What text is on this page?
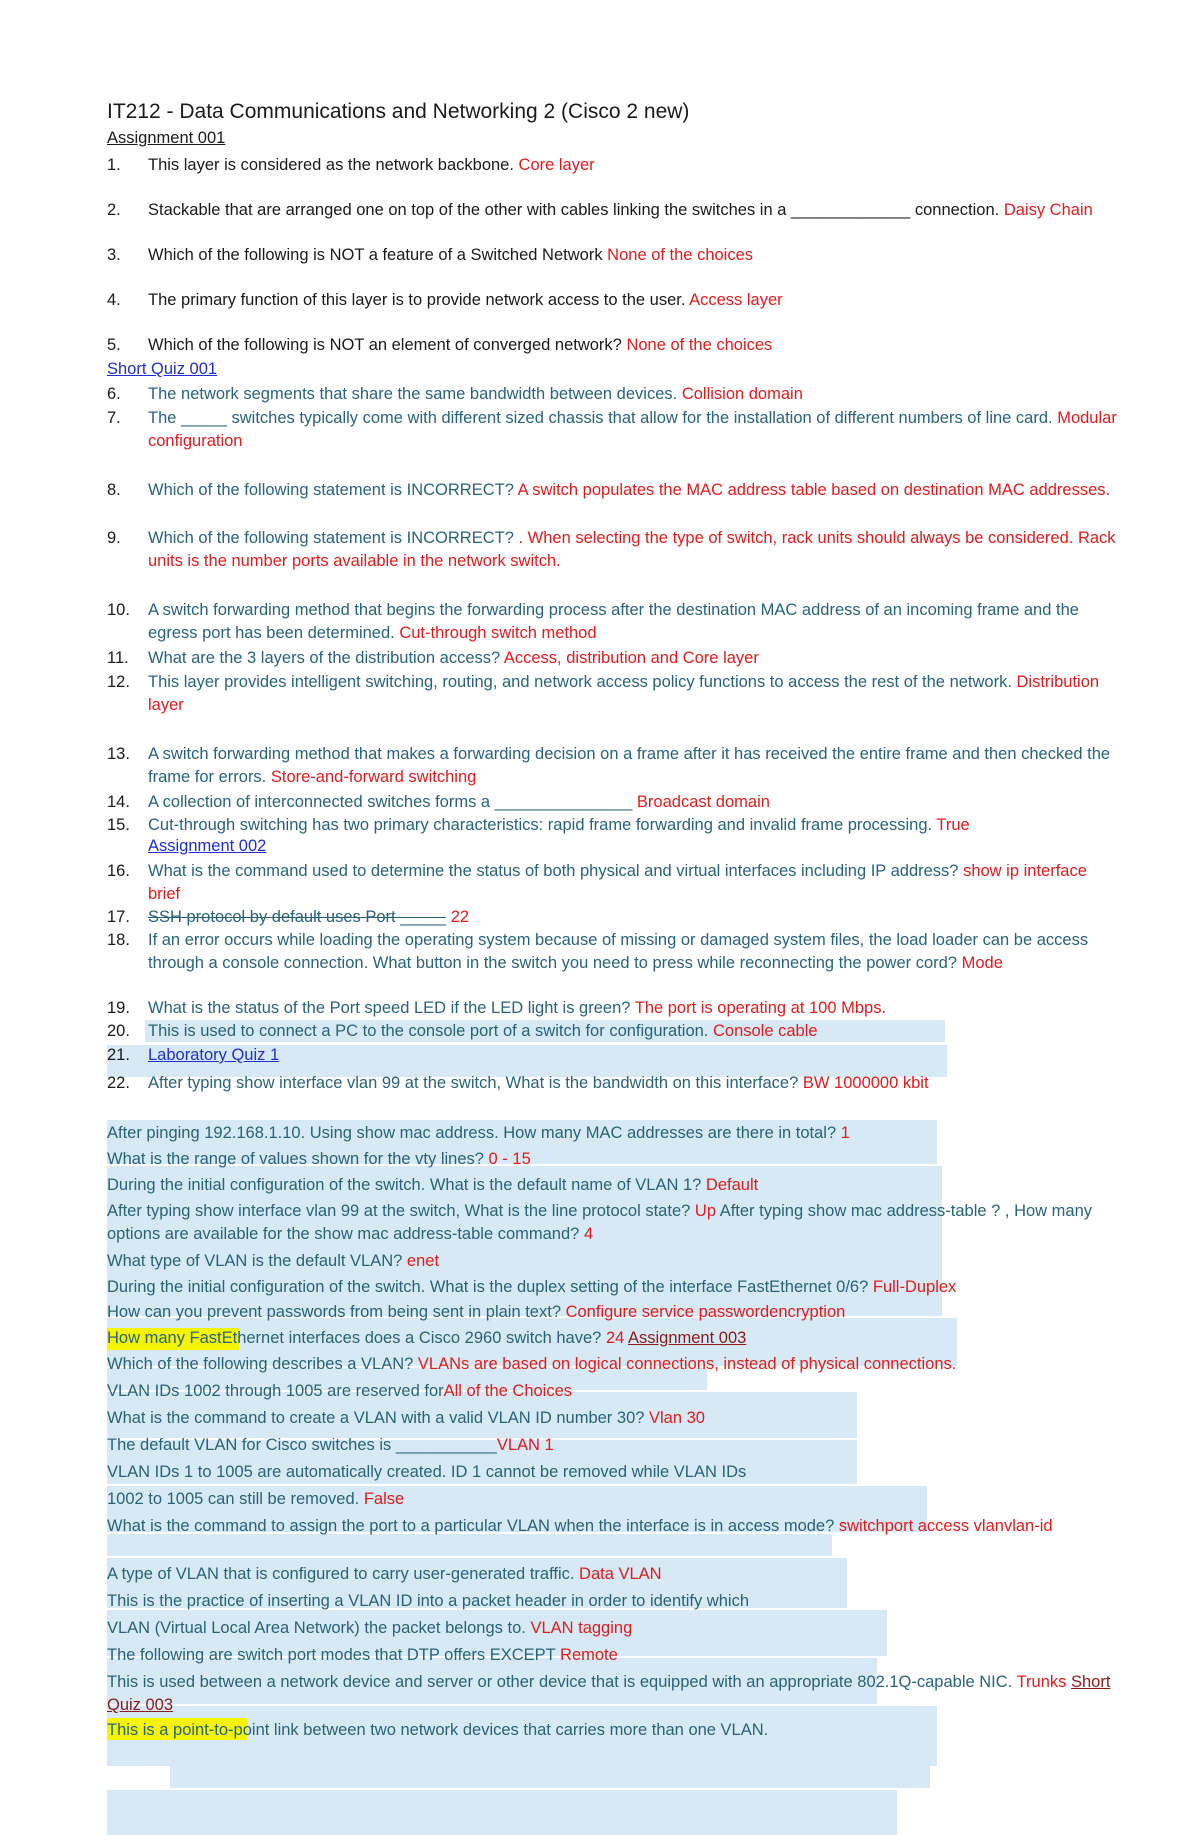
IT212 - Data Communications and Networking 2 (Cisco 2 new)
Assignment 001
1.	This layer is considered as the network backbone. Core layer
2.	Stackable that are arranged one on top of the other with cables linking the switches in a _____________ connection. Daisy Chain
3.	Which of the following is NOT a feature of a Switched Network None of the choices
4.	The primary function of this layer is to provide network access to the user. Access layer
5.	Which of the following is NOT an element of converged network? None of the choices
Short Quiz 001
6.	The network segments that share the same bandwidth between devices. Collision domain
7.	The _____ switches typically come with different sized chassis that allow for the installation of different numbers of line card. Modular configuration
8.	Which of the following statement is INCORRECT? A switch populates the MAC address table based on destination MAC addresses.
9.	Which of the following statement is INCORRECT? . When selecting the type of switch, rack units should always be considered. Rack units is the number ports available in the network switch.
10.	A switch forwarding method that begins the forwarding process after the destination MAC address of an incoming frame and the egress port has been determined. Cut-through switch method
11.	What are the 3 layers of the distribution access? Access, distribution and Core layer
12.	This layer provides intelligent switching, routing, and network access policy functions to access the rest of the network. Distribution layer
13.	A switch forwarding method that makes a forwarding decision on a frame after it has received the entire frame and then checked the frame for errors. Store-and-forward switching
14.	A collection of interconnected switches forms a _______________ Broadcast domain
15.	Cut-through switching has two primary characteristics: rapid frame forwarding and invalid frame processing. True
Assignment 002
16.	What is the command used to determine the status of both physical and virtual interfaces including IP address? show ip interface brief
17.	SSH protocol by default uses Port _____ 22
18.	If an error occurs while loading the operating system because of missing or damaged system files, the load loader can be access through a console connection. What button in the switch you need to press while reconnecting the power cord? Mode
19.	What is the status of the Port speed LED if the LED light is green? The port is operating at 100 Mbps.
20.	This is used to connect a PC to the console port of a switch for configuration. Console cable
21.	Laboratory Quiz 1
22.	After typing show interface vlan 99 at the switch, What is the bandwidth on this interface? BW 1000000 kbit
After pinging 192.168.1.10. Using show mac address. How many MAC addresses are there in total? 1
What is the range of values shown for the vty lines? 0 - 15
During the initial configuration of the switch. What is the default name of VLAN 1? Default
After typing show interface vlan 99 at the switch, What is the line protocol state? Up After typing show mac address-table ? , How many options are available for the show mac address-table command? 4
What type of VLAN is the default VLAN? enet
During the initial configuration of the switch. What is the duplex setting of the interface FastEthernet 0/6? Full-Duplex
How can you prevent passwords from being sent in plain text? Configure service passwordencryption
How many FastEthernet interfaces does a Cisco 2960 switch have? 24 Assignment 003
Which of the following describes a VLAN? VLANs are based on logical connections, instead of physical connections.
VLAN IDs 1002 through 1005 are reserved forAll of the Choices
What is the command to create a VLAN with a valid VLAN ID number 30? Vlan 30
The default VLAN for Cisco switches is ___________VLAN 1
VLAN IDs 1 to 1005 are automatically created. ID 1 cannot be removed while VLAN IDs
1002 to 1005 can still be removed. False
What is the command to assign the port to a particular VLAN when the interface is in access mode? switchport access vlanvlan-id
A type of VLAN that is configured to carry user-generated traffic. Data VLAN
This is the practice of inserting a VLAN ID into a packet header in order to identify which
VLAN (Virtual Local Area Network) the packet belongs to. VLAN tagging
The following are switch port modes that DTP offers EXCEPT Remote
This is used between a network device and server or other device that is equipped with an appropriate 802.1Q-capable NIC. Trunks Short Quiz 003
This is a point-to-point link between two network devices that carries more than one VLAN.
